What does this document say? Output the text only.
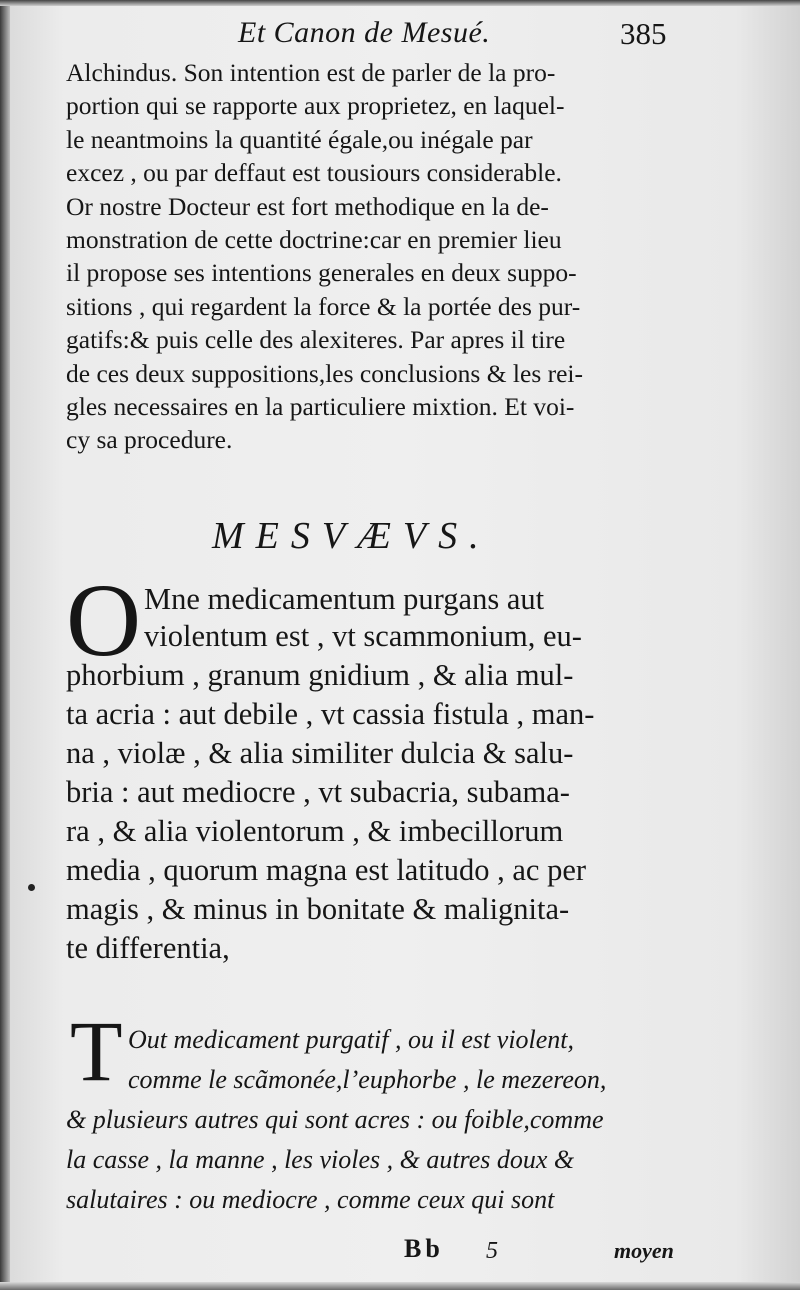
Et Canon de Mesué.	385
Alchindus. Son intention est de parler de la pro-
portion qui se rapporte aux proprietez, en laquel-
le neantmoins la quantité égale,ou inégale par
excez , ou par deffaut est tousiours considerable.
Or nostre Docteur est fort methodique en la de-
monstration de cette doctrine:car en premier lieu
il propose ses intentions generales en deux suppo-
sitions , qui regardent la force & la portée des pur-
gatifs:& puis celle des alexiteres. Par apres il tire
de ces deux suppositions,les conclusions & les rei-
gles necessaires en la particuliere mixtion. Et voi-
cy sa procedure.
MESVÆVS.
O Mne medicamentum purgans aut
violentum est , vt scammonium, eu-
phorbium , granum gnidium , & alia mul-
ta acria : aut debile , vt cassia fistula , man-
na , violæ , & alia similiter dulcia & salu-
bria : aut mediocre , vt subacria, subama-
ra , & alia violentorum , & imbecillorum
media , quorum magna est latitudo , ac per
magis , & minus in bonitate & malignita-
te differentia,
T Out medicament purgatif , ou il est violent,
comme le scãmonée,l’euphorbe , le mezereon,
& plusieurs autres qui sont acres : ou foible,comme
la casse , la manne , les violes , & autres doux &
salutaires : ou mediocre , comme ceux qui sont
Bb 5	moyen
